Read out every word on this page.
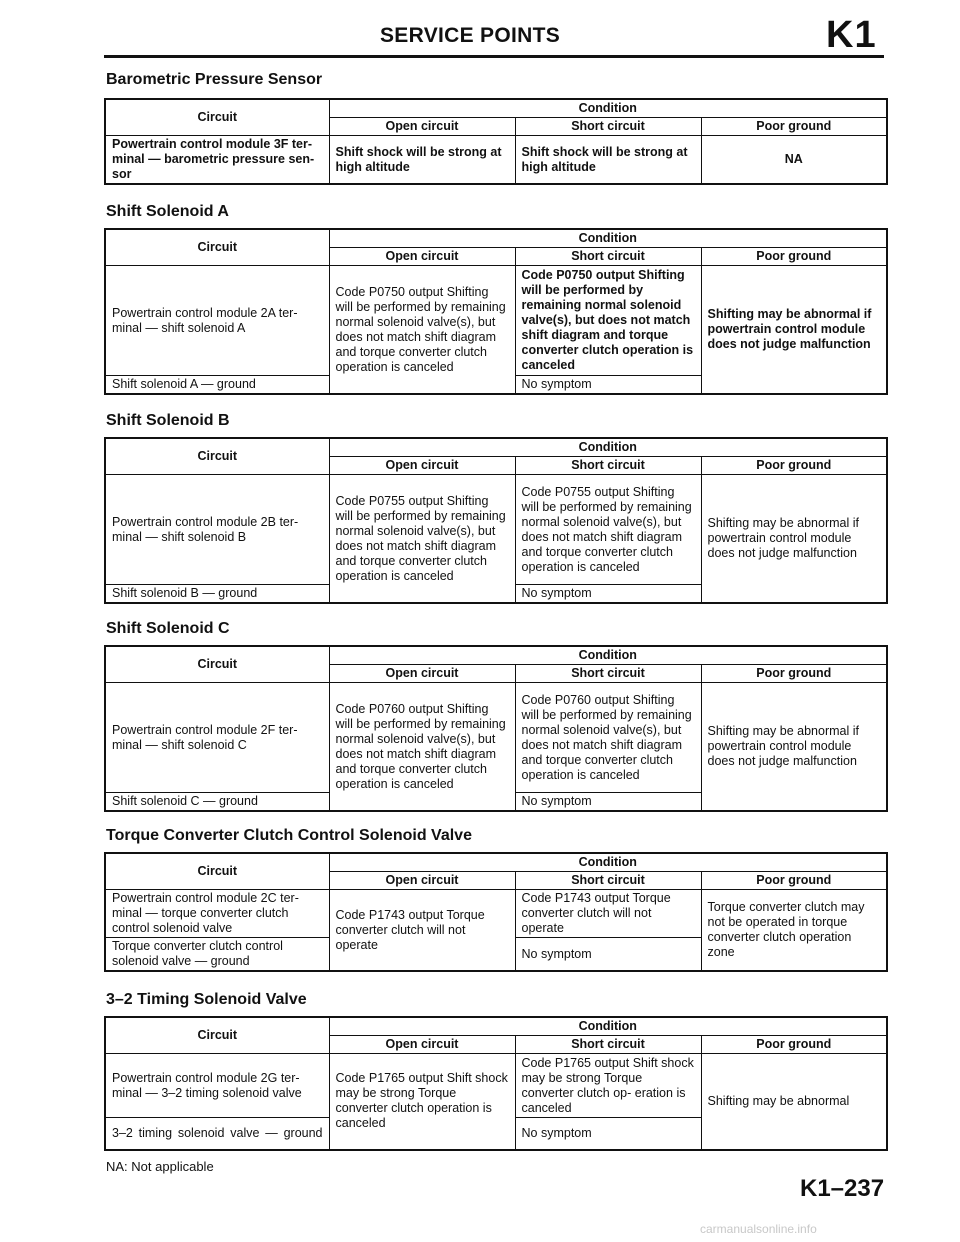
SERVICE POINTS	K1
Barometric Pressure Sensor
Circuit	Condition		
	Open circuit	Short circuit	Poor ground
Powertrain control module 3F ter- minal — barometric pressure sen- sor	Shift shock will be strong at high altitude	Shift shock will be strong at high altitude	NA
Shift Solenoid A
Circuit	Condition		
	Open circuit	Short circuit	Poor ground
Powertrain control module 2A ter- minal — shift solenoid A	Code P0750 output Shifting will be performed by remaining normal solenoid valve(s), but does not match shift diagram and torque converter clutch operation is canceled	Code P0750 output Shifting will be performed by remaining normal solenoid valve(s), but does not match shift diagram and torque converter clutch operation is canceled	Shifting may be abnormal if powertrain control module does not judge malfunction
Shift solenoid A — ground		No symptom	
Shift Solenoid B
Circuit	Condition		
	Open circuit	Short circuit	Poor ground
Powertrain control module 2B ter- minal — shift solenoid B	Code P0755 output Shifting will be performed by remaining normal solenoid valve(s), but does not match shift diagram and torque converter clutch operation is canceled	Code P0755 output Shifting will be performed by remaining normal solenoid valve(s), but does not match shift diagram and torque converter clutch operation is canceled	Shifting may be abnormal if powertrain control module does not judge malfunction
Shift solenoid B — ground		No symptom	
Shift Solenoid C
Circuit	Condition		
	Open circuit	Short circuit	Poor ground
Powertrain control module 2F ter- minal — shift solenoid C	Code P0760 output Shifting will be performed by remaining normal solenoid valve(s), but does not match shift diagram and torque converter clutch operation is canceled	Code P0760 output Shifting will be performed by remaining normal solenoid valve(s), but does not match shift diagram and torque converter clutch operation is canceled	Shifting may be abnormal if powertrain control module does not judge malfunction
Shift solenoid C — ground		No symptom	
Torque Converter Clutch Control Solenoid Valve
Circuit	Condition		
	Open circuit	Short circuit	Poor ground
Powertrain control module 2C ter- minal — torque converter clutch control solenoid valve	Code P1743 output Torque converter clutch will not operate	Code P1743 output Torque converter clutch will not operate	Torque converter clutch may not be operated in torque converter clutch operation zone
Torque converter clutch control solenoid valve — ground		No symptom	
3–2 Timing Solenoid Valve
Circuit	Condition		
	Open circuit	Short circuit	Poor ground
Powertrain control module 2G ter- minal — 3–2 timing solenoid valve	Code P1765 output Shift shock may be strong Torque converter clutch operation is canceled	Code P1765 output Shift shock may be strong Torque converter clutch op- eration is canceled	Shifting may be abnormal
3–2 timing solenoid valve — ground		No symptom	
NA: Not applicable
K1–237
carmanualsonline.info
